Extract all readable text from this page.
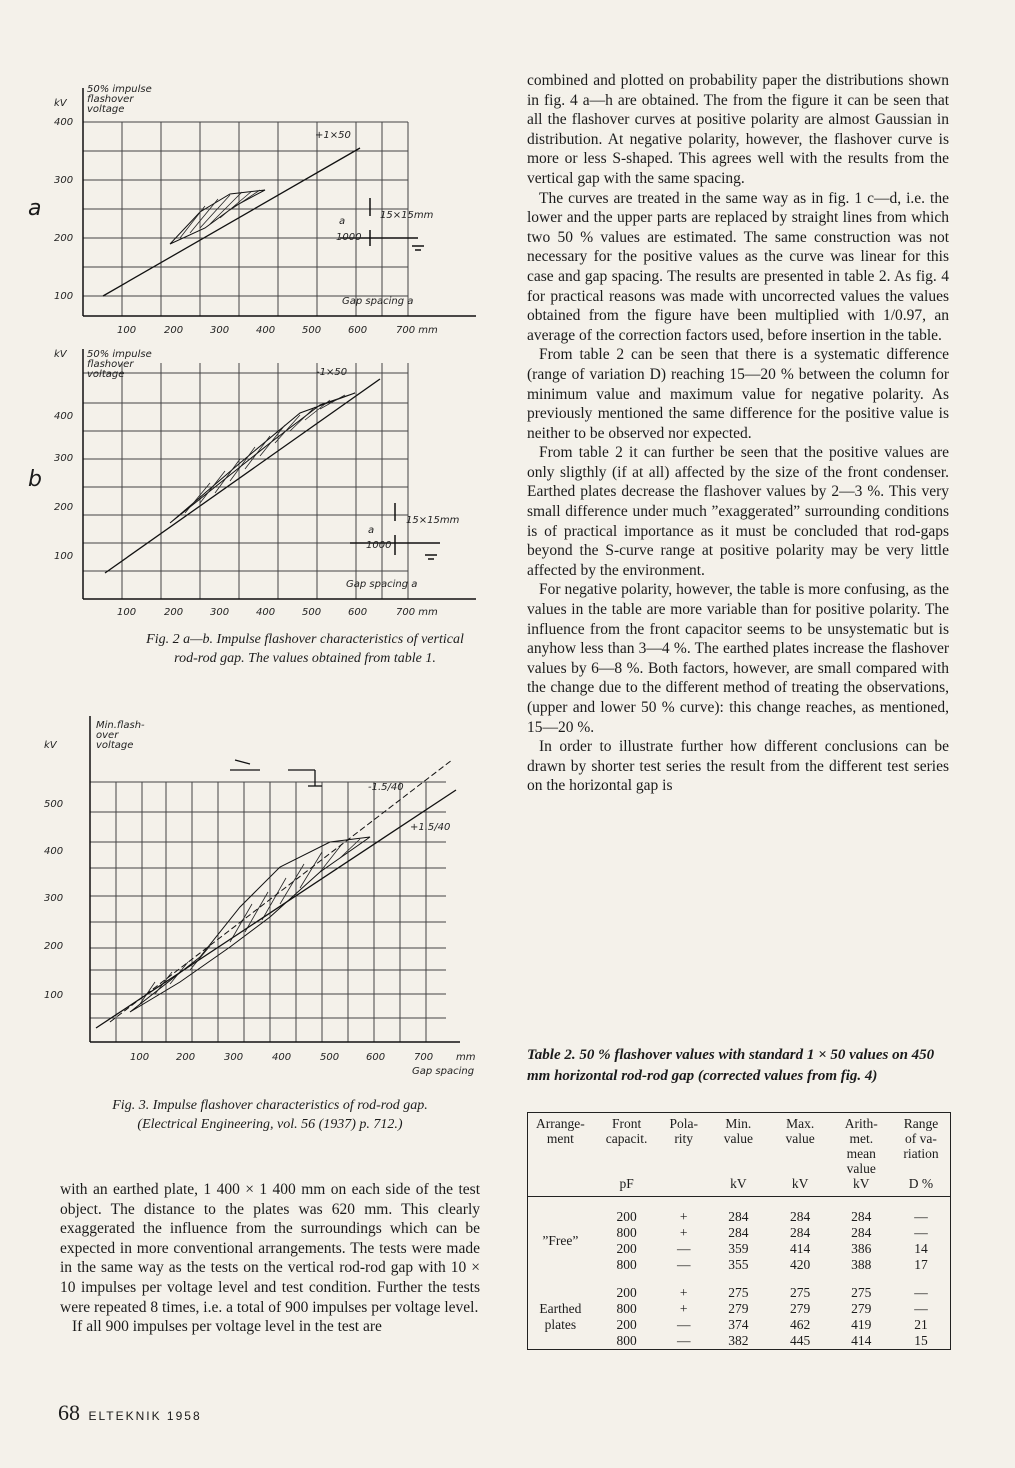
a
kV
50% impulse
flashover
voltage
400
300
200
100
100	200	300	400	500	600	700 mm
+1×50
15×15mm
a
1000
Gap spacing a
b
kV 50% impulse
flashover
voltage
400
300
200
100
100	200	300	400	500	600	700 mm
-1×50
15×15mm
a
1000
Gap spacing a
Fig. 2 a—b. Impulse flashover characteristics of vertical
rod-rod gap. The values obtained from table 1.
kV
Min.flash-
over
voltage
500
400
300
200
100
100	200	300	400	500	600	700 mm
Gap spacing
-1.5/40
+1.5/40
Fig. 3. Impulse flashover characteristics of rod-rod gap.
(Electrical Engineering, vol. 56 (1937) p. 712.)

with an earthed plate, 1 400 × 1 400 mm on each side of the test object. The distance to the plates was 620 mm. This clearly exaggerated the influence from the surroundings which can be expected in more conventional arrangements. The tests were made in the same way as the tests on the vertical rod-rod gap with 10 × 10 impulses per voltage level and test condition. Further the tests were repeated 8 times, i.e. a total of 900 impulses per voltage level.

If all 900 impulses per voltage level in the test are

combined and plotted on probability paper the distributions shown in fig. 4 a—h are obtained. The from the figure it can be seen that all the flashover curves at positive polarity are almost Gaussian in distribution. At negative polarity, however, the flashover curve is more or less S-shaped. This agrees well with the results from the vertical gap with the same spacing.

The curves are treated in the same way as in fig. 1 c—d, i.e. the lower and the upper parts are replaced by straight lines from which two 50 % values are estimated. The same construction was not necessary for the positive values as the curve was linear for this case and gap spacing. The results are presented in table 2. As fig. 4 for practical reasons was made with uncorrected values the values obtained from the figure have been multiplied with 1/0.97, an average of the correction factors used, before insertion in the table.

From table 2 can be seen that there is a systematic difference (range of variation D) reaching 15—20 % between the column for minimum value and maximum value for negative polarity. As previously mentioned the same difference for the positive value is neither to be observed nor expected.

From table 2 it can further be seen that the positive values are only sligthly (if at all) affected by the size of the front condenser. Earthed plates decrease the flashover values by 2—3 %. This very small difference under much ”exaggerated” surrounding conditions is of practical importance as it must be concluded that rod-gaps beyond the S-curve range at positive polarity may be very little affected by the environment.

For negative polarity, however, the table is more confusing, as the values in the table are more variable than for positive polarity. The influence from the front capacitor seems to be unsystematic but is anyhow less than 3—4 %. The earthed plates increase the flashover values by 6—8 %. Both factors, however, are small compared with the change due to the different method of treating the observations, (upper and lower 50 % curve): this change reaches, as mentioned, 15—20 %.

In order to illustrate further how different conclusions can be drawn by shorter test series the result from the different test series on the horizontal gap is

Table 2. 50 % flashover values with standard 1 × 50 values on 450 mm horizontal rod-rod gap (corrected values from fig. 4)
Arrange-
ment	Front
capacit.	Pola-
rity	Min.
value	Max.
value	Arith-
met.
mean
value	Range
of va-
riation
	pF		kV	kV	kV	D %

”Free”	200	+	284	284	284	—
	800	+	284	284	284	—
	200	—	359	414	386	14
	800	—	355	420	388	17

Earthed plates	200	+	275	275	275	—
	800	+	279	279	279	—
	200	—	374	462	419	21
	800	—	382	445	414	15
68 ELTEKNIK 1958
